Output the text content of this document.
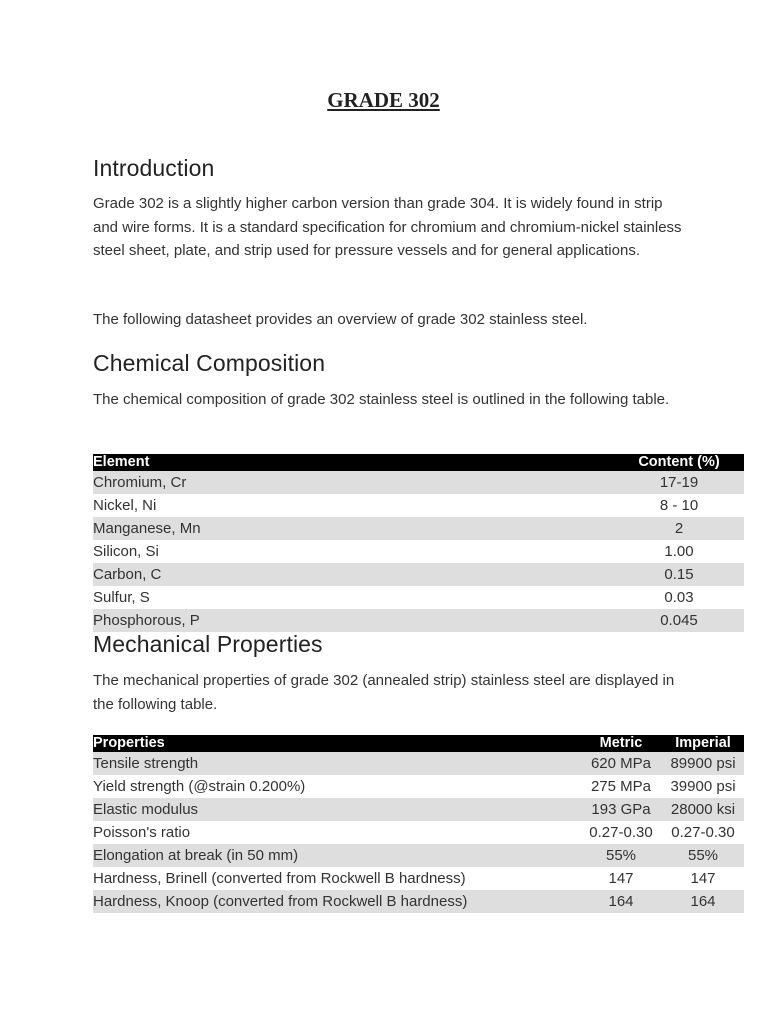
GRADE 302
Introduction

Grade 302 is a slightly higher carbon version than grade 304. It is widely found in strip and wire forms. It is a standard specification for chromium and chromium-nickel stainless steel sheet, plate, and strip used for pressure vessels and for general applications.

The following datasheet provides an overview of grade 302 stainless steel.

Chemical Composition

The chemical composition of grade 302 stainless steel is outlined in the following table.

Element	Content (%)
Chromium, Cr	17-19
Nickel, Ni	8 - 10
Manganese, Mn	2
Silicon, Si	1.00
Carbon, C	0.15
Sulfur, S	0.03
Phosphorous, P	0.045
Mechanical Properties

The mechanical properties of grade 302 (annealed strip) stainless steel are displayed in the following table.

Properties	Metric	Imperial
Tensile strength	620 MPa	89900 psi
Yield strength (@strain 0.200%)	275 MPa	39900 psi
Elastic modulus	193 GPa	28000 ksi
Poisson's ratio	0.27-0.30	0.27-0.30
Elongation at break (in 50 mm)	55%	55%
Hardness, Brinell (converted from Rockwell B hardness)	147	147
Hardness, Knoop (converted from Rockwell B hardness)	164	164
